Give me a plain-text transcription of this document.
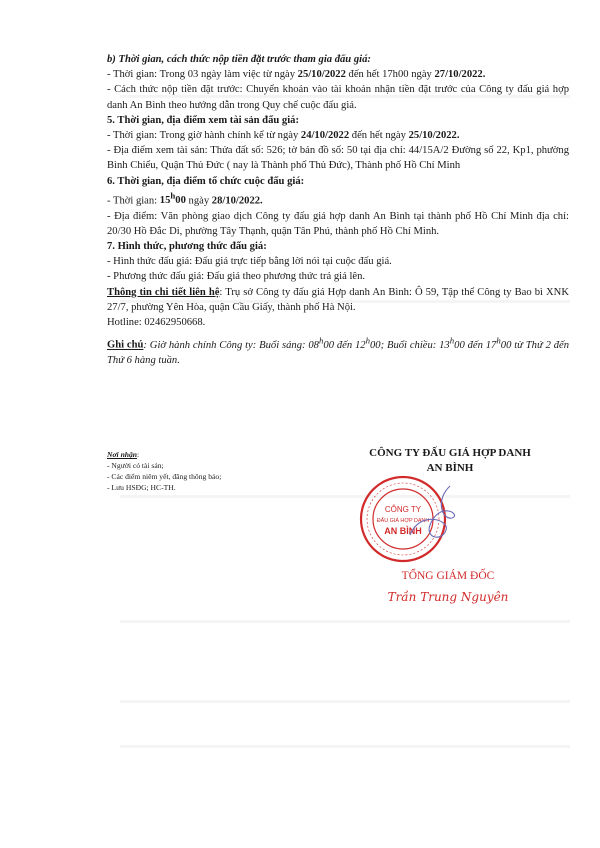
b) Thời gian, cách thức nộp tiền đặt trước tham gia đấu giá:

- Thời gian: Trong 03 ngày làm việc từ ngày 25/10/2022 đến hết 17h00 ngày 27/10/2022.

- Cách thức nộp tiền đặt trước: Chuyển khoản vào tài khoản nhận tiền đặt trước của Công ty đấu giá hợp danh An Bình theo hướng dẫn trong Quy chế cuộc đấu giá.

5. Thời gian, địa điểm xem tài sản đấu giá:

- Thời gian: Trong giờ hành chính kể từ ngày 24/10/2022 đến hết ngày 25/10/2022.

- Địa điểm xem tài sản: Thửa đất số: 526; tờ bản đồ số: 50 tại địa chỉ: 44/15A/2 Đường số 22, Kp1, phường Bình Chiểu, Quận Thủ Đức ( nay là Thành phố Thủ Đức), Thành phố Hồ Chí Minh

6. Thời gian, địa điểm tổ chức cuộc đấu giá:

- Thời gian: 15$^h$00 ngày 28/10/2022.

- Địa điểm: Văn phòng giao dịch Công ty đấu giá hợp danh An Bình tại thành phố Hồ Chí Minh địa chỉ: 20/30 Hồ Đắc Di, phường Tây Thạnh, quận Tân Phú, thành phố Hồ Chí Minh.

7. Hình thức, phương thức đấu giá:

- Hình thức đấu giá: Đấu giá trực tiếp bằng lời nói tại cuộc đấu giá.

- Phương thức đấu giá: Đấu giá theo phương thức trả giá lên.

Thông tin chi tiết liên hệ: Trụ sở Công ty đấu giá Hợp danh An Bình: Ô 59, Tập thể Công ty Bao bì XNK 27/7, phường Yên Hòa, quận Cầu Giấy, thành phố Hà Nội.

Hotline: 02462950668.

Ghi chú: Giờ hành chính Công ty: Buổi sáng: 08$^h$00 đến 12$^h$00; Buổi chiều: 13$^h$00 đến 17$^h$00 từ Thứ 2 đến Thứ 6 hàng tuần.

Nơi nhận:
- Người có tài sản;
- Các điểm niêm yết, đăng thông báo;
- Lưu HSĐG; HC-TH.
CÔNG TY ĐẤU GIÁ HỢP DANH
AN BÌNH
CÔNG TY
ĐẤU GIÁ HỢP DANH
AN BÌNH
TỔNG GIÁM ĐỐC
Trần Trung Nguyên
